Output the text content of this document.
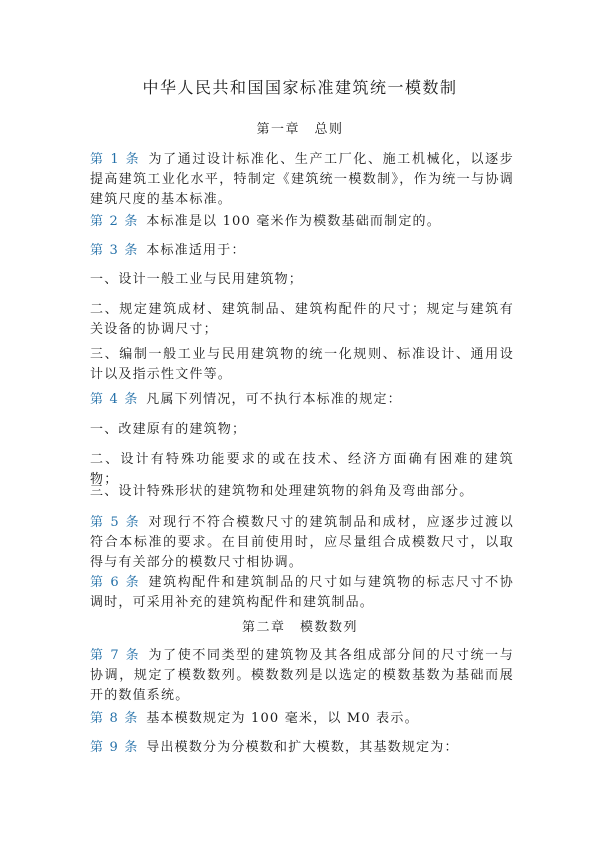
中华人民共和国国家标准建筑统一模数制
第一章　总则

第 1 条  为了通过设计标准化、生产工厂化、施工机械化，以逐步提高建筑工业化水平，特制定《建筑统一模数制》，作为统一与协调建筑尺度的基本标准。

第 2 条  本标准是以 100 毫米作为模数基础而制定的。

第 3 条  本标准适用于：

一、设计一般工业与民用建筑物；

二、规定建筑成材、建筑制品、建筑构配件的尺寸；规定与建筑有关设备的协调尺寸；

三、编制一般工业与民用建筑物的统一化规则、标准设计、通用设计以及指示性文件等。

第 4 条  凡属下列情况，可不执行本标准的规定：

一、改建原有的建筑物；

二、设计有特殊功能要求的或在技术、经济方面确有困难的建筑物；

三、设计特殊形状的建筑物和处理建筑物的斜角及弯曲部分。

第 5 条  对现行不符合模数尺寸的建筑制品和成材，应逐步过渡以符合本标准的要求。在目前使用时，应尽量组合成模数尺寸，以取得与有关部分的模数尺寸相协调。

第 6 条  建筑构配件和建筑制品的尺寸如与建筑物的标志尺寸不协调时，可采用补充的建筑构配件和建筑制品。

第二章　模数数列

第 7 条  为了使不同类型的建筑物及其各组成部分间的尺寸统一与协调，规定了模数数列。模数数列是以选定的模数基数为基础而展开的数值系统。

第 8 条  基本模数规定为 100 毫米，以 M0 表示。

第 9 条  导出模数分为分模数和扩大模数，其基数规定为：
